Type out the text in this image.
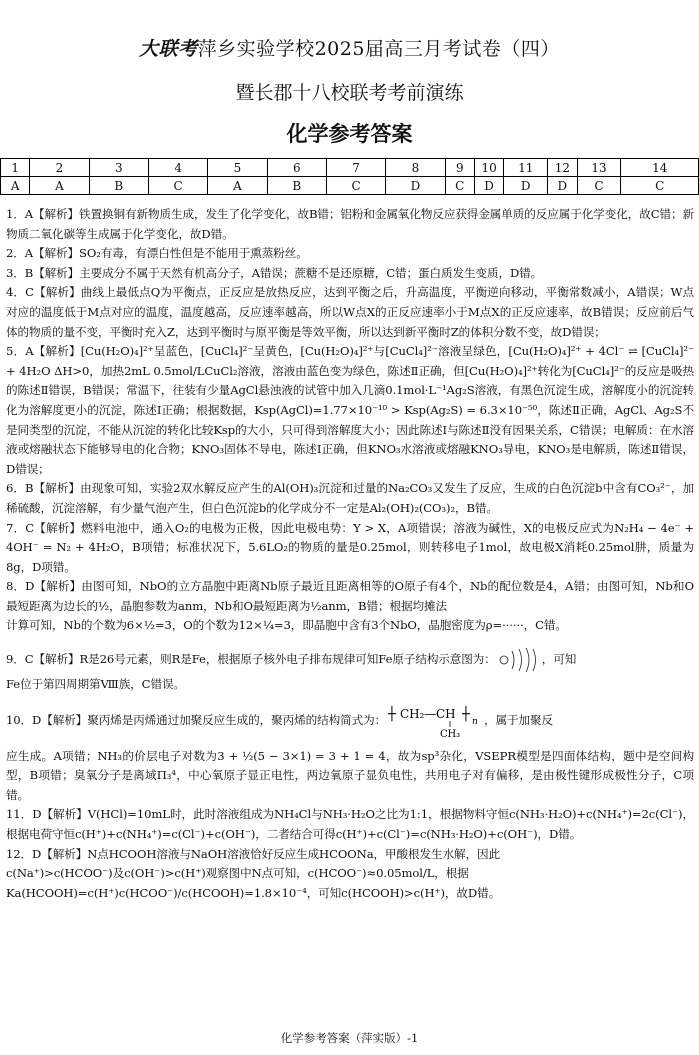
大联考萍乡实验学校2025届高三月考试卷（四）
暨长郡十八校联考考前演练
化学参考答案
1	2	3	4	5	6	7	8	9	10	11	12	13	14
A	A	B	C	A	B	C	D	C	D	D	D	C	C

1．A【解析】铁置换铜有新物质生成，发生了化学变化，故B错；铝粉和金属氧化物反应获得金属单质的反应属于化学变化，故C错；新物质二氧化碳等生成属于化学变化，故D错。

2．A【解析】SO₂有毒，有漂白性但是不能用于熏蒸粉丝。

3．B【解析】主要成分不属于天然有机高分子，A错误；蔗糖不是还原糖，C错；蛋白质发生变质，D错。

4．C【解析】曲线上最低点Q为平衡点，正反应是放热反应，达到平衡之后，升高温度，平衡逆向移动，平衡常数减小，A错误；W点对应的温度低于M点对应的温度，温度越高，反应速率越高，所以W点X的正反应速率小于M点X的正反应速率，故B错误；反应前后气体的物质的量不变，平衡时充入Z，达到平衡时与原平衡是等效平衡，所以达到新平衡时Z的体积分数不变，故D错误；

5．A【解析】[Cu(H₂O)₄]²⁺呈蓝色，[CuCl₄]²⁻呈黄色，[Cu(H₂O)₄]²⁺与[CuCl₄]²⁻溶液呈绿色，[Cu(H₂O)₄]²⁺ + 4Cl⁻ ⇌ [CuCl₄]²⁻ + 4H₂O ΔH>0，加热2mL 0.5mol/LCuCl₂溶液，溶液由蓝色变为绿色，陈述Ⅱ正确，但[Cu(H₂O)₄]²⁺转化为[CuCl₄]²⁻的反应是吸热的陈述Ⅱ错误，B错误；常温下，往装有少量AgCl悬浊液的试管中加入几滴0.1mol·L⁻¹Ag₂S溶液，有黑色沉淀生成，溶解度小的沉淀转化为溶解度更小的沉淀，陈述Ⅰ正确；根据数据，Ksp(AgCl)=1.77×10⁻¹⁰ > Ksp(Ag₂S) = 6.3×10⁻⁵⁰，陈述Ⅱ正确，AgCl、Ag₂S不是同类型的沉淀，不能从沉淀的转化比较Ksp的大小，只可得到溶解度大小；因此陈述Ⅰ与陈述Ⅱ没有因果关系，C错误；电解质：在水溶液或熔融状态下能够导电的化合物；KNO₃固体不导电，陈述Ⅰ正确，但KNO₃水溶液或熔融KNO₃导电，KNO₃是电解质，陈述Ⅱ错误，D错误；

6．B【解析】由现象可知，实验2双水解反应产生的Al(OH)₃沉淀和过量的Na₂CO₃又发生了反应，生成的白色沉淀b中含有CO₃²⁻，加稀硫酸，沉淀溶解，有少量气泡产生，但白色沉淀b的化学成分不一定是Al₂(OH)₂(CO₃)₂，B错。

7．C【解析】燃料电池中，通入O₂的电极为正极，因此电极电势：Y > X，A项错误；溶液为碱性，X的电极反应式为N₂H₄ − 4e⁻ + 4OH⁻ = N₂ + 4H₂O，B项错；标准状况下，5.6LO₂的物质的量是0.25mol，则转移电子1mol，故电极X消耗0.25mol肼，质量为8g，D项错。

8．D【解析】由图可知，NbO的立方晶胞中距离Nb原子最近且距离相等的O原子有4个，Nb的配位数是4，A错；由图可知，Nb和O最短距离为边长的½，晶胞参数为anm，Nb和O最短距离为½anm，B错；根据均摊法

计算可知，Nb的个数为6×½=3，O的个数为12×¼=3，即晶胞中含有3个NbO，晶胞密度为ρ=······，C错。

9．C【解析】R是26号元素，则R是Fe，根据原子核外电子排布规律可知Fe原子结构示意图为：	，可知

Fe位于第四周期第Ⅷ族，C错误。

10．D【解析】聚丙烯是丙烯通过加聚反应生成的，聚丙烯的结构简式为： ┼ CH₂—CH ┼ n
CH₃
，属于加聚反

应生成。A项错；NH₃的价层电子对数为3 + ½(5 − 3×1) = 3 + 1 = 4，故为sp³杂化，VSEPR模型是四面体结构，题中是空间构型，B项错；臭氧分子是离域Π₃⁴，中心氧原子显正电性，两边氧原子显负电性，共用电子对有偏移，是由极性键形成极性分子，C项错。

11．D【解析】V(HCl)=10mL时，此时溶液组成为NH₄Cl与NH₃·H₂O之比为1:1，根据物料守恒c(NH₃·H₂O)+c(NH₄⁺)=2c(Cl⁻)，根据电荷守恒c(H⁺)+c(NH₄⁺)=c(Cl⁻)+c(OH⁻)，二者结合可得c(H⁺)+c(Cl⁻)=c(NH₃·H₂O)+c(OH⁻)，D错。

12．D【解析】N点HCOOH溶液与NaOH溶液恰好反应生成HCOONa，甲酸根发生水解，因此

c(Na⁺)>c(HCOO⁻)及c(OH⁻)>c(H⁺)观察图中N点可知，c(HCOO⁻)≈0.05mol/L，根据

Ka(HCOOH)=c(H⁺)c(HCOO⁻)/c(HCOOH)=1.8×10⁻⁴，可知c(HCOOH)>c(H⁺)，故D错。

化学参考答案（萍实版）-1
